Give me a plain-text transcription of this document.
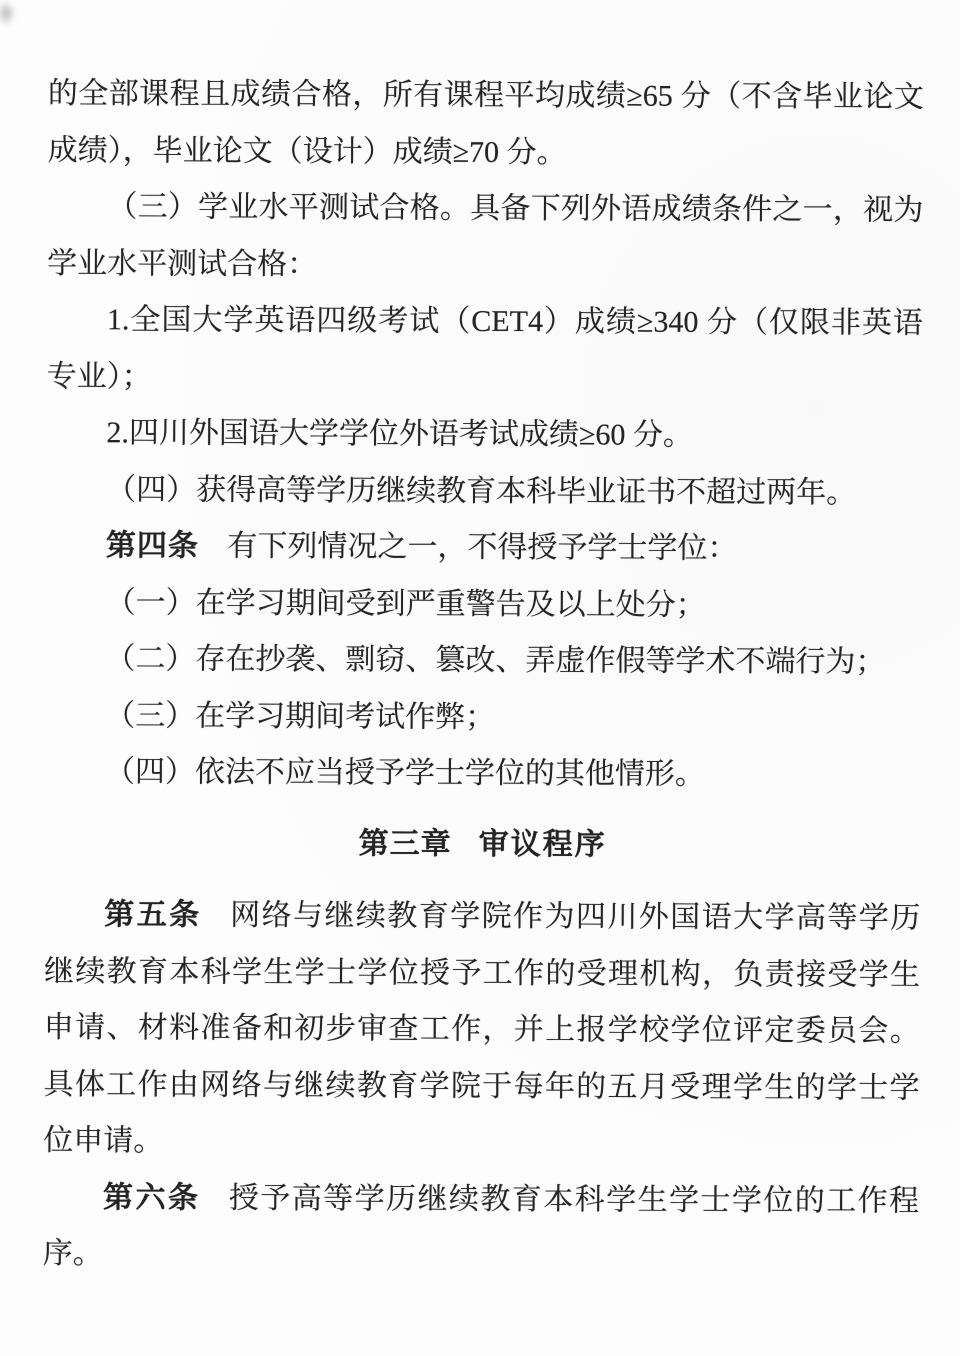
的全部课程且成绩合格，所有课程平均成绩≥65 分（不含毕业论文
成绩），毕业论文（设计）成绩≥70 分。
（三）学业水平测试合格。具备下列外语成绩条件之一，视为
学业水平测试合格：
1.全国大学英语四级考试（CET4）成绩≥340 分（仅限非英语
专业）；
2.四川外国语大学学位外语考试成绩≥60 分。
（四）获得高等学历继续教育本科毕业证书不超过两年。
第四条 有下列情况之一，不得授予学士学位：
（一）在学习期间受到严重警告及以上处分；
（二）存在抄袭、剽窃、篡改、弄虚作假等学术不端行为；
（三）在学习期间考试作弊；
（四）依法不应当授予学士学位的其他情形。
第三章 审议程序
第五条 网络与继续教育学院作为四川外国语大学高等学历
继续教育本科学生学士学位授予工作的受理机构，负责接受学生
申请、材料准备和初步审查工作，并上报学校学位评定委员会。
具体工作由网络与继续教育学院于每年的五月受理学生的学士学
位申请。
第六条 授予高等学历继续教育本科学生学士学位的工作程
序。
